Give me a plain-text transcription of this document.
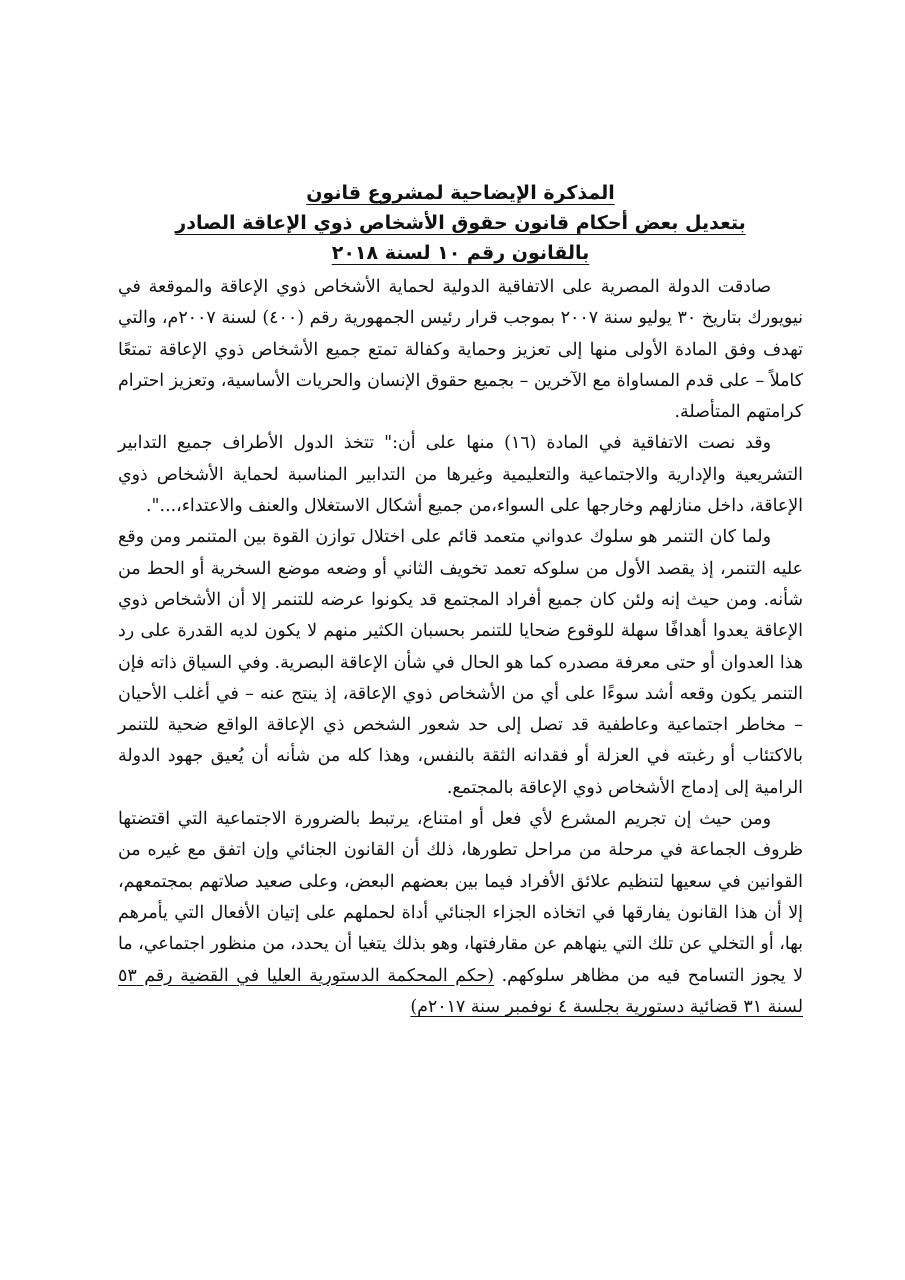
المذكرة الإيضاحية لمشروع قانون
بتعديل بعض أحكام قانون حقوق الأشخاص ذوي الإعاقة الصادر
بالقانون رقم ١٠ لسنة ٢٠١٨

صادقت الدولة المصرية على الاتفاقية الدولية لحماية الأشخاص ذوي الإعاقة والموقعة في نيويورك بتاريخ ٣٠ يوليو سنة ٢٠٠٧ بموجب قرار رئيس الجمهورية رقم (٤٠٠) لسنة ٢٠٠٧م، والتي تهدف وفق المادة الأولى منها إلى تعزيز وحماية وكفالة تمتع جميع الأشخاص ذوي الإعاقة تمتعًا كاملاً – على قدم المساواة مع الآخرين – بجميع حقوق الإنسان والحريات الأساسية، وتعزيز احترام كرامتهم المتأصلة.

وقد نصت الاتفاقية في المادة (١٦) منها على أن:" تتخذ الدول الأطراف جميع التدابير التشريعية والإدارية والاجتماعية والتعليمية وغيرها من التدابير المناسبة لحماية الأشخاص ذوي الإعاقة، داخل منازلهم وخارجها على السواء،من جميع أشكال الاستغلال والعنف والاعتداء،...".

ولما كان التنمر هو سلوك عدواني متعمد قائم على اختلال توازن القوة بين المتنمر ومن وقع عليه التنمر، إذ يقصد الأول من سلوكه تعمد تخويف الثاني أو وضعه موضع السخرية أو الحط من شأنه. ومن حيث إنه ولئن كان جميع أفراد المجتمع قد يكونوا عرضه للتنمر إلا أن الأشخاص ذوي الإعاقة يعدوا أهدافًا سهلة للوقوع ضحايا للتنمر بحسبان الكثير منهم لا يكون لديه القدرة على رد هذا العدوان أو حتى معرفة مصدره كما هو الحال في شأن الإعاقة البصرية. وفي السياق ذاته فإن التنمر يكون وقعه أشد سوءًا على أي من الأشخاص ذوي الإعاقة، إذ ينتج عنه – في أغلب الأحيان – مخاطر اجتماعية وعاطفية قد تصل إلى حد شعور الشخص ذي الإعاقة الواقع ضحية للتنمر بالاكتئاب أو رغبته في العزلة أو فقدانه الثقة بالنفس، وهذا كله من شأنه أن يُعيق جهود الدولة الرامية إلى إدماج الأشخاص ذوي الإعاقة بالمجتمع.

ومن حيث إن تجريم المشرع لأي فعل أو امتناع، يرتبط بالضرورة الاجتماعية التي اقتضتها ظروف الجماعة في مرحلة من مراحل تطورها، ذلك أن القانون الجنائي وإن اتفق مع غيره من القوانين في سعيها لتنظيم علائق الأفراد فيما بين بعضهم البعض، وعلى صعيد صلاتهم بمجتمعهم، إلا أن هذا القانون يفارقها في اتخاذه الجزاء الجنائي أداة لحملهم على إتيان الأفعال التي يأمرهم بها، أو التخلي عن تلك التي ينهاهم عن مقارفتها، وهو بذلك يتغيا أن يحدد، من منظور اجتماعي، ما لا يجوز التسامح فيه من مظاهر سلوكهم. (حكم المحكمة الدستورية العليا في القضية رقم ٥٣ لسنة ٣١ قضائية دستورية بجلسة ٤ نوفمبر سنة ٢٠١٧م)
